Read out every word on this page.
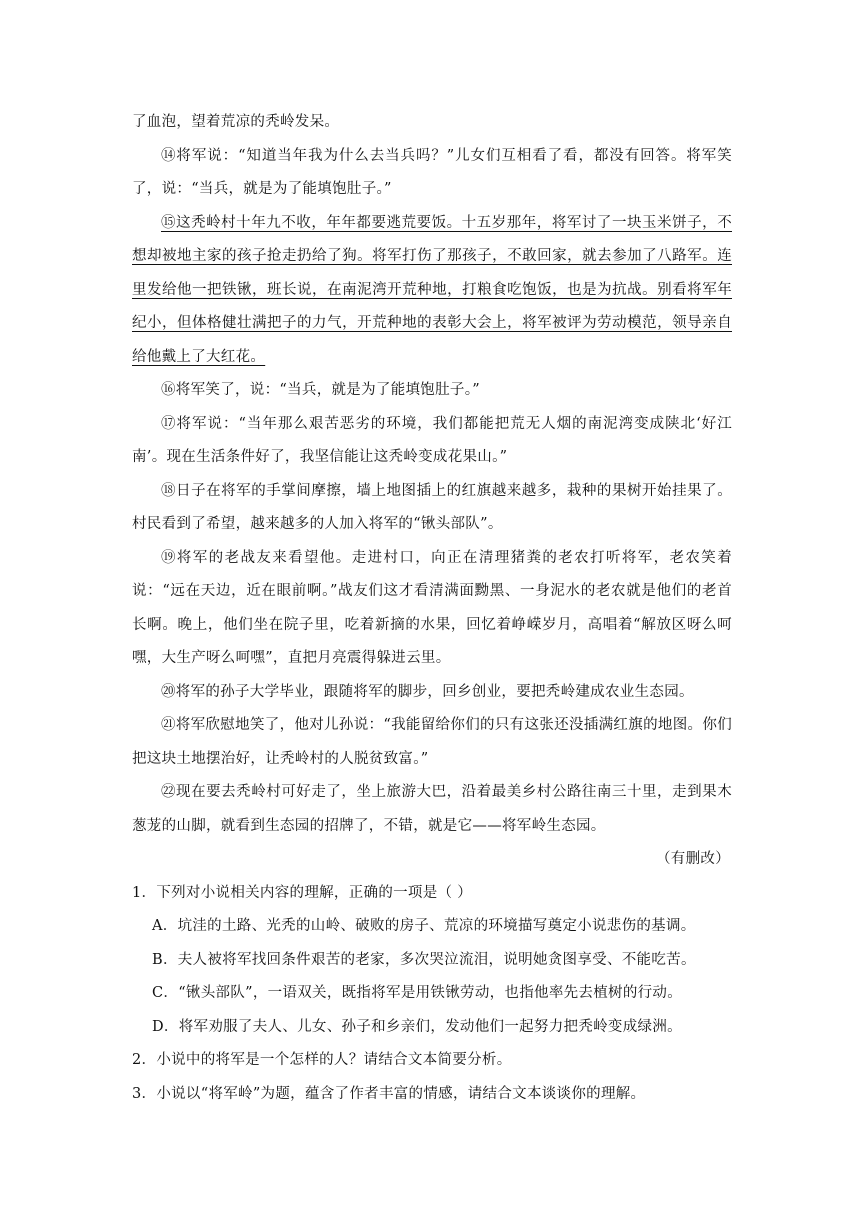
了血泡，望着荒凉的秃岭发呆。

⑭将军说：“知道当年我为什么去当兵吗？”儿女们互相看了看，都没有回答。将军笑了，说：“当兵，就是为了能填饱肚子。”

⑮这秃岭村十年九不收，年年都要逃荒要饭。十五岁那年，将军讨了一块玉米饼子，不想却被地主家的孩子抢走扔给了狗。将军打伤了那孩子，不敢回家，就去参加了八路军。连里发给他一把铁锹，班长说，在南泥湾开荒种地，打粮食吃饱饭，也是为抗战。别看将军年纪小，但体格健壮满把子的力气，开荒种地的表彰大会上，将军被评为劳动模范，领导亲自给他戴上了大红花。

⑯将军笑了，说：“当兵，就是为了能填饱肚子。”

⑰将军说：“当年那么艰苦恶劣的环境，我们都能把荒无人烟的南泥湾变成陕北‘好江南’。现在生活条件好了，我坚信能让这秃岭变成花果山。”

⑱日子在将军的手掌间摩擦，墙上地图插上的红旗越来越多，栽种的果树开始挂果了。村民看到了希望，越来越多的人加入将军的“锹头部队”。

⑲将军的老战友来看望他。走进村口，向正在清理猪粪的老农打听将军，老农笑着说：“远在天边，近在眼前啊。”战友们这才看清满面黝黑、一身泥水的老农就是他们的老首长啊。晚上，他们坐在院子里，吃着新摘的水果，回忆着峥嵘岁月，高唱着“解放区呀么呵嘿，大生产呀么呵嘿”，直把月亮震得躲进云里。

⑳将军的孙子大学毕业，跟随将军的脚步，回乡创业，要把秃岭建成农业生态园。

㉑将军欣慰地笑了，他对儿孙说：“我能留给你们的只有这张还没插满红旗的地图。你们把这块土地摆治好，让秃岭村的人脱贫致富。”

㉒现在要去秃岭村可好走了，坐上旅游大巴，沿着最美乡村公路往南三十里，走到果木葱茏的山脚，就看到生态园的招牌了，不错，就是它——将军岭生态园。

（有删改）

1．下列对小说相关内容的理解，正确的一项是（ ）

A．坑洼的土路、光秃的山岭、破败的房子、荒凉的环境描写奠定小说悲伤的基调。

B．夫人被将军找回条件艰苦的老家，多次哭泣流泪，说明她贪图享受、不能吃苦。

C．“锹头部队”，一语双关，既指将军是用铁锹劳动，也指他率先去植树的行动。

D．将军劝服了夫人、儿女、孙子和乡亲们，发动他们一起努力把秃岭变成绿洲。

2．小说中的将军是一个怎样的人？请结合文本简要分析。

3．小说以“将军岭”为题，蕴含了作者丰富的情感，请结合文本谈谈你的理解。
